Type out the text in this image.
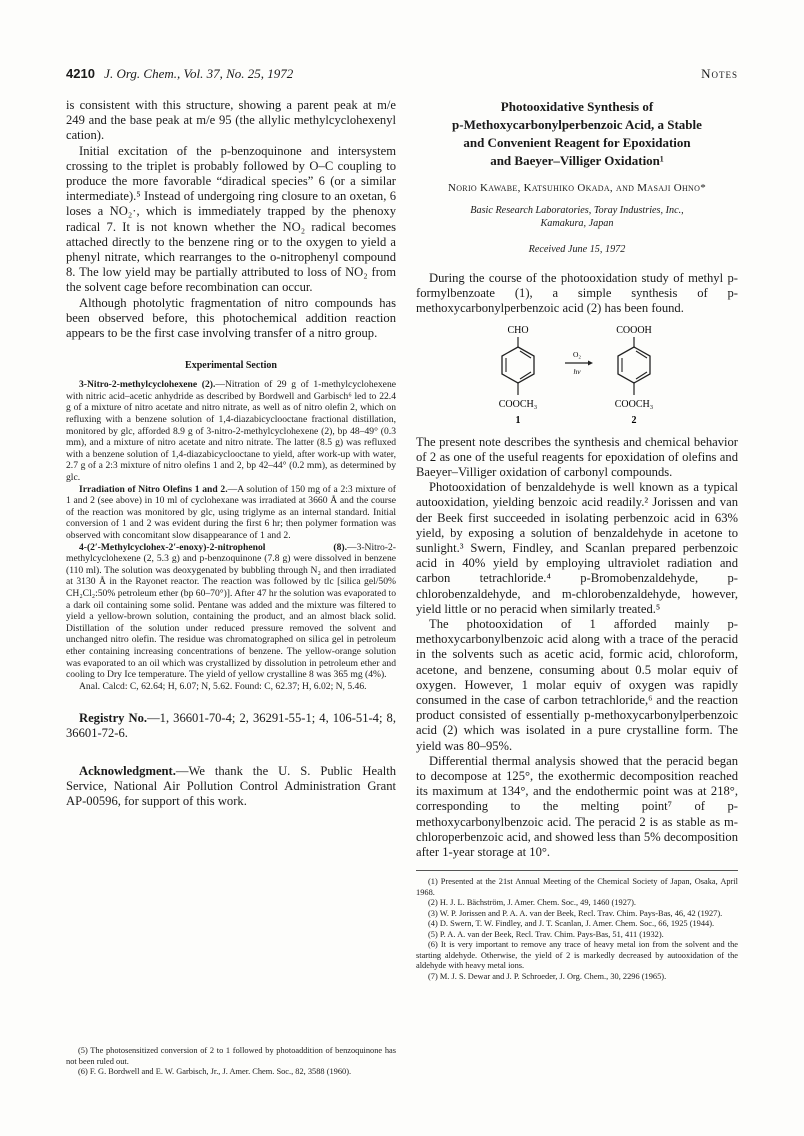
4210 J. Org. Chem., Vol. 37, No. 25, 1972	Notes

is consistent with this structure, showing a parent peak at m/e 249 and the base peak at m/e 95 (the allylic methylcyclohexenyl cation).

Initial excitation of the p-benzoquinone and intersystem crossing to the triplet is probably followed by O–C coupling to produce the more favorable “diradical species” 6 (or a similar intermediate).⁵ Instead of undergoing ring closure to an oxetan, 6 loses a NO₂·, which is immediately trapped by the phenoxy radical 7. It is not known whether the NO₂ radical becomes attached directly to the benzene ring or to the oxygen to yield a phenyl nitrate, which rearranges to the o-nitrophenyl compound 8. The low yield may be partially attributed to loss of NO₂ from the solvent cage before recombination can occur.

Although photolytic fragmentation of nitro compounds has been observed before, this photochemical addition reaction appears to be the first case involving transfer of a nitro group.

Experimental Section

3-Nitro-2-methylcyclohexene (2).—Nitration of 29 g of 1-methylcyclohexene with nitric acid–acetic anhydride as described by Bordwell and Garbisch⁶ led to 22.4 g of a mixture of nitro acetate and nitro nitrate, as well as of nitro olefin 2, which on refluxing with a benzene solution of 1,4-diazabicyclooctane fractional distillation, monitored by glc, afforded 8.9 g of 3-nitro-2-methylcyclohexene (2), bp 48–49° (0.3 mm), and a mixture of nitro acetate and nitro nitrate. The latter (8.5 g) was refluxed with a benzene solution of 1,4-diazabicyclooctane to yield, after work-up with water, 2.7 g of a 2:3 mixture of nitro olefins 1 and 2, bp 42–44° (0.2 mm), as determined by glc.

Irradiation of Nitro Olefins 1 and 2.—A solution of 150 mg of a 2:3 mixture of 1 and 2 (see above) in 10 ml of cyclohexane was irradiated at 3660 Å and the course of the reaction was monitored by glc, using triglyme as an internal standard. Initial conversion of 1 and 2 was evident during the first 6 hr; then polymer formation was observed with concomitant slow disappearance of 1 and 2.

4-(2′-Methylcyclohex-2′-enoxy)-2-nitrophenol (8).—3-Nitro-2-methylcyclohexene (2, 5.3 g) and p-benzoquinone (7.8 g) were dissolved in benzene (110 ml). The solution was deoxygenated by bubbling through N₂ and then irradiated at 3130 Å in the Rayonet reactor. The reaction was followed by tlc [silica gel/50% CH₂Cl₂:50% petroleum ether (bp 60–70°)]. After 47 hr the solution was evaporated to a dark oil containing some solid. Pentane was added and the mixture was filtered to yield a yellow-brown solution, containing the product, and an almost black solid. Distillation of the solution under reduced pressure removed the solvent and unchanged nitro olefin. The residue was chromatographed on silica gel in petroleum ether containing increasing concentrations of benzene. The yellow-orange solution was evaporated to an oil which was crystallized by dissolution in petroleum ether and cooling to Dry Ice temperature. The yield of yellow crystalline 8 was 365 mg (4%).

Anal. Calcd: C, 62.64; H, 6.07; N, 5.62. Found: C, 62.37; H, 6.02; N, 5.46.

Registry No.—1, 36601-70-4; 2, 36291-55-1; 4, 106-51-4; 8, 36601-72-6.

Acknowledgment.—We thank the U. S. Public Health Service, National Air Pollution Control Administration Grant AP-00596, for support of this work.

(5) The photosensitized conversion of 2 to 1 followed by photoaddition of benzoquinone has not been ruled out.

(6) F. G. Bordwell and E. W. Garbisch, Jr., J. Amer. Chem. Soc., 82, 3588 (1960).

Photooxidative Synthesis of
p-Methoxycarbonylperbenzoic Acid, a Stable
and Convenient Reagent for Epoxidation
and Baeyer–Villiger Oxidation¹
Norio Kawabe, Katsuhiko Okada, and Masaji Ohno*
Basic Research Laboratories, Toray Industries, Inc.,
Kamakura, Japan
Received June 15, 1972

During the course of the photooxidation study of methyl p-formylbenzoate (1), a simple synthesis of p-methoxycarbonylperbenzoic acid (2) has been found.

CHO
COOCH₃
1
O₂
hν
COOOH
COOCH₃
2

The present note describes the synthesis and chemical behavior of 2 as one of the useful reagents for epoxidation of olefins and Baeyer–Villiger oxidation of carbonyl compounds.

Photooxidation of benzaldehyde is well known as a typical autooxidation, yielding benzoic acid readily.² Jorissen and van der Beek first succeeded in isolating perbenzoic acid in 63% yield, by exposing a solution of benzaldehyde in acetone to sunlight.³ Swern, Findley, and Scanlan prepared perbenzoic acid in 40% yield by employing ultraviolet radiation and carbon tetrachloride.⁴ p-Bromobenzaldehyde, p-chlorobenzaldehyde, and m-chlorobenzaldehyde, however, yield little or no peracid when similarly treated.⁵

The photooxidation of 1 afforded mainly p-methoxycarbonylbenzoic acid along with a trace of the peracid in the solvents such as acetic acid, formic acid, chloroform, acetone, and benzene, consuming about 0.5 molar equiv of oxygen. However, 1 molar equiv of oxygen was rapidly consumed in the case of carbon tetrachloride,⁶ and the reaction product consisted of essentially p-methoxycarbonylperbenzoic acid (2) which was isolated in a pure crystalline form. The yield was 80–95%.

Differential thermal analysis showed that the peracid began to decompose at 125°, the exothermic decomposition reached its maximum at 134°, and the endothermic point was at 218°, corresponding to the melting point⁷ of p-methoxycarbonylbenzoic acid. The peracid 2 is as stable as m-chloroperbenzoic acid, and showed less than 5% decomposition after 1-year storage at 10°.

(1) Presented at the 21st Annual Meeting of the Chemical Society of Japan, Osaka, April 1968.

(2) H. J. L. Bächström, J. Amer. Chem. Soc., 49, 1460 (1927).

(3) W. P. Jorissen and P. A. A. van der Beek, Recl. Trav. Chim. Pays-Bas, 46, 42 (1927).

(4) D. Swern, T. W. Findley, and J. T. Scanlan, J. Amer. Chem. Soc., 66, 1925 (1944).

(5) P. A. A. van der Beek, Recl. Trav. Chim. Pays-Bas, 51, 411 (1932).

(6) It is very important to remove any trace of heavy metal ion from the solvent and the starting aldehyde. Otherwise, the yield of 2 is markedly decreased by autooxidation of the aldehyde with heavy metal ions.

(7) M. J. S. Dewar and J. P. Schroeder, J. Org. Chem., 30, 2296 (1965).
